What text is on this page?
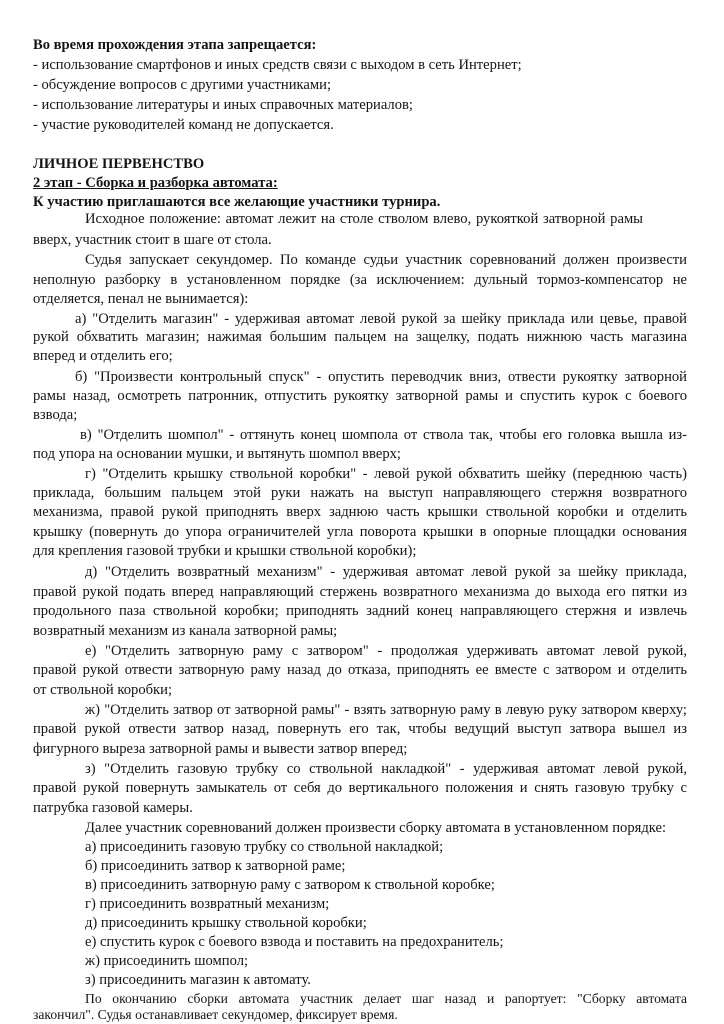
Во время прохождения этапа запрещается:
- использование смартфонов и иных средств связи с выходом в сеть Интернет;
- обсуждение вопросов с другими участниками;
- использование литературы и иных справочных материалов;
- участие руководителей команд не допускается.
ЛИЧНОЕ ПЕРВЕНСТВО
2 этап - Сборка и разборка автомата:
К участию приглашаются все желающие участники турнира.
Исходное положение: автомат лежит на столе стволом влево, рукояткой затворной рамы
вверх, участник стоит в шаге от стола.
Судья запускает секундомер. По команде судьи участник соревнований должен произвести
неполную разборку в установленном порядке (за исключением: дульный тормоз-компенсатор не
отделяется, пенал не вынимается):
а) "Отделить магазин" - удерживая автомат левой рукой за шейку приклада или цевье, правой
рукой обхватить магазин; нажимая большим пальцем на защелку, подать нижнюю часть магазина
вперед и отделить его;
б) "Произвести контрольный спуск" - опустить переводчик вниз, отвести рукоятку затворной
рамы назад, осмотреть патронник, отпустить рукоятку затворной рамы и спустить курок с боевого
взвода;
в) "Отделить шомпол" - оттянуть конец шомпола от ствола так, чтобы его головка вышла из-
под упора на основании мушки, и вытянуть шомпол вверх;
г) "Отделить крышку ствольной коробки" - левой рукой обхватить шейку (переднюю часть)
приклада, большим пальцем этой руки нажать на выступ направляющего стержня возвратного
механизма, правой рукой приподнять вверх заднюю часть крышки ствольной коробки и отделить
крышку (повернуть до упора ограничителей угла поворота крышки в опорные площадки основания
для крепления газовой трубки и крышки ствольной коробки);
д) "Отделить возвратный механизм" - удерживая автомат левой рукой за шейку приклада,
правой рукой подать вперед направляющий стержень возвратного механизма до выхода его пятки из
продольного паза ствольной коробки; приподнять задний конец направляющего стержня и извлечь
возвратный механизм из канала затворной рамы;
е) "Отделить затворную раму с затвором" - продолжая удерживать автомат левой рукой,
правой рукой отвести затворную раму назад до отказа, приподнять ее вместе с затвором и отделить
от ствольной коробки;
ж) "Отделить затвор от затворной рамы" - взять затворную раму в левую руку затвором кверху;
правой рукой отвести затвор назад, повернуть его так, чтобы ведущий выступ затвора вышел из
фигурного выреза затворной рамы и вывести затвор вперед;
з) "Отделить газовую трубку со ствольной накладкой" - удерживая автомат левой рукой,
правой рукой повернуть замыкатель от себя до вертикального положения и снять газовую трубку с
патрубка газовой камеры.
Далее участник соревнований должен произвести сборку автомата в установленном порядке:
а) присоединить газовую трубку со ствольной накладкой;
б) присоединить затвор к затворной раме;
в) присоединить затворную раму с затвором к ствольной коробке;
г) присоединить возвратный механизм;
д) присоединить крышку ствольной коробки;
е) спустить курок с боевого взвода и поставить на предохранитель;
ж) присоединить шомпол;
з) присоединить магазин к автомату.
По окончанию сборки автомата участник делает шаг назад и рапортует: "Сборку автомата
закончил". Судья останавливает секундомер, фиксирует время.
